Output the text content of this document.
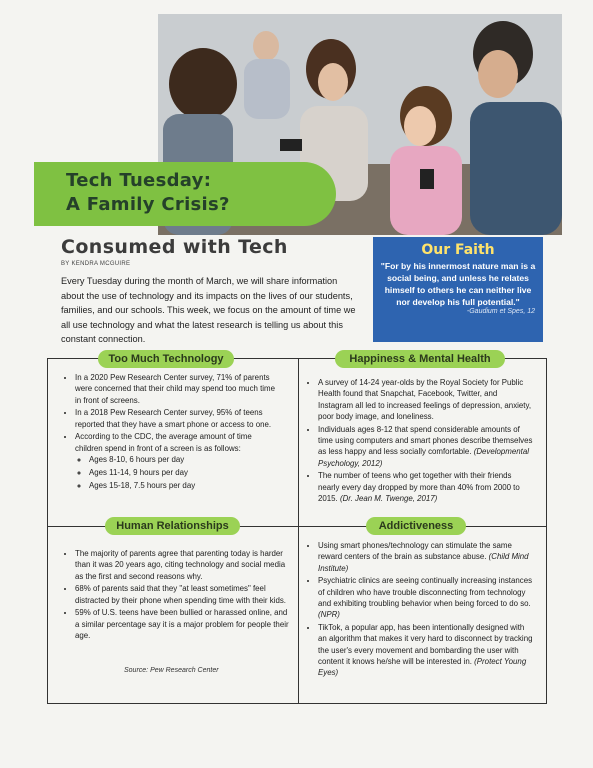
Tech Tuesday:
A Family Crisis?
Consumed with Tech
BY KENDRA MCGUIRE
Every Tuesday during the month of March, we will share information about the use of technology and its impacts on the lives of our students, families, and our schools. This week, we focus on the amount of time we all use technology and what the latest research is telling us about this constant connection.
Our Faith
"For by his innermost nature man is a social being, and unless he relates himself to others he can neither live nor develop his full potential."
-Gaudium et Spes, 12
Too Much Technology
• In a 2020 Pew Research Center survey, 71% of parents were concerned that their child may spend too much time in front of screens.
• In a 2018 Pew Research Center survey, 95% of teens reported that they have a smart phone or access to one.
• According to the CDC, the average amount of time children spend in front of a screen is as follows:
◦ Ages 8-10, 6 hours per day
◦ Ages 11-14, 9 hours per day
◦ Ages 15-18, 7.5 hours per day
Happiness & Mental Health
• A survey of 14-24 year-olds by the Royal Society for Public Health found that Snapchat, Facebook, Twitter, and Instagram all led to increased feelings of depression, anxiety, poor body image, and loneliness.
• Individuals ages 8-12 that spend considerable amounts of time using computers and smart phones describe themselves as less happy and less socially comfortable. (Developmental Psychology, 2012)
• The number of teens who get together with their friends nearly every day dropped by more than 40% from 2000 to 2015. (Dr. Jean M. Twenge, 2017)
Human Relationships
• The majority of parents agree that parenting today is harder than it was 20 years ago, citing technology and social media as the first and second reasons why.
• 68% of parents said that they "at least sometimes" feel distracted by their phone when spending time with their kids.
• 59% of U.S. teens have been bullied or harassed online, and a similar percentage say it is a major problem for people their age.
Source: Pew Research Center
Addictiveness
• Using smart phones/technology can stimulate the same reward centers of the brain as substance abuse. (Child Mind Institute)
• Psychiatric clinics are seeing continually increasing instances of children who have trouble disconnecting from technology and exhibiting troubling behavior when being forced to do so. (NPR)
• TikTok, a popular app, has been intentionally designed with an algorithm that makes it very hard to disconnect by tracking the user's every movement and bombarding the user with content it knows he/she will be interested in. (Protect Young Eyes)
